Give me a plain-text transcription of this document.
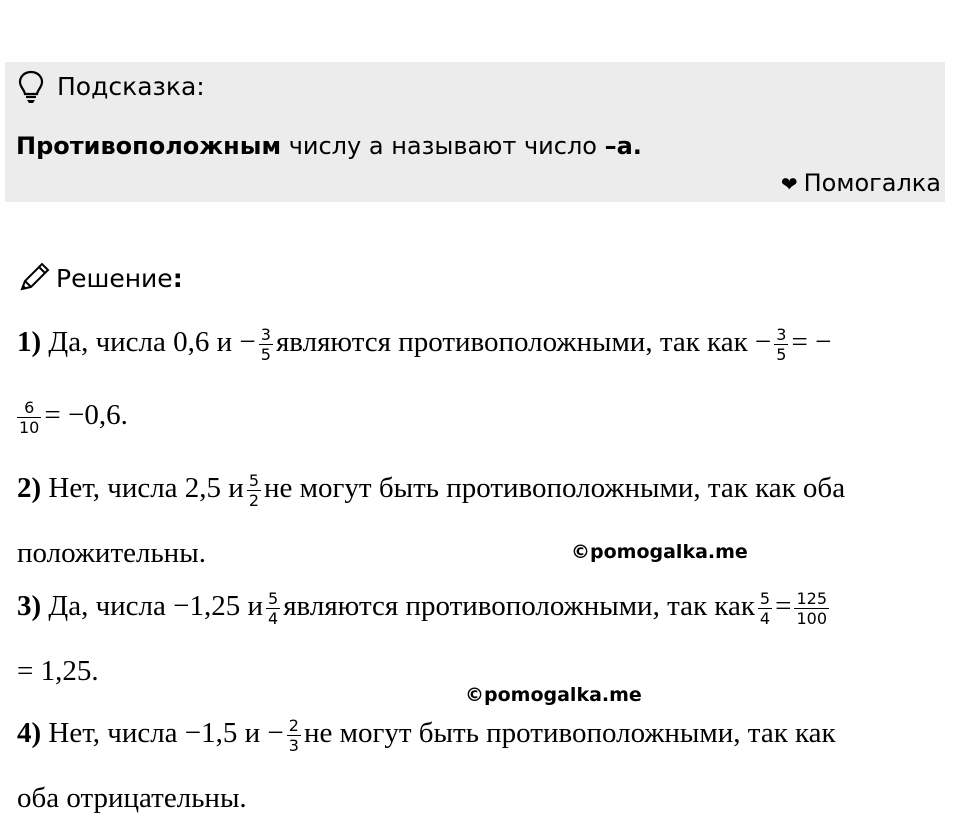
Подсказка:
Противоположным числу а называют число –а.
❤ Помогалка
Решение:
1) Да, числа 0,6 $и - \frac{3}{5}$ являются противоположными, так как − $\frac{3}{5}$ = −
$\frac{6}{10} = -0,6$.
2) Нет, числа 2,5 и $\frac{5}{2}$ не могут быть противоположными, так как оба
положительны.	©pomogalka.me
3) Да, числа −1,25 и $\frac{5}{4}$ являются противоположными, так как $\frac{5}{4} = \frac{125}{100}$
= 1,25.
©pomogalka.me
4) Нет, числа −1,5 $и - \frac{2}{3}$ не могут быть противоположными, так как
оба отрицательны.
